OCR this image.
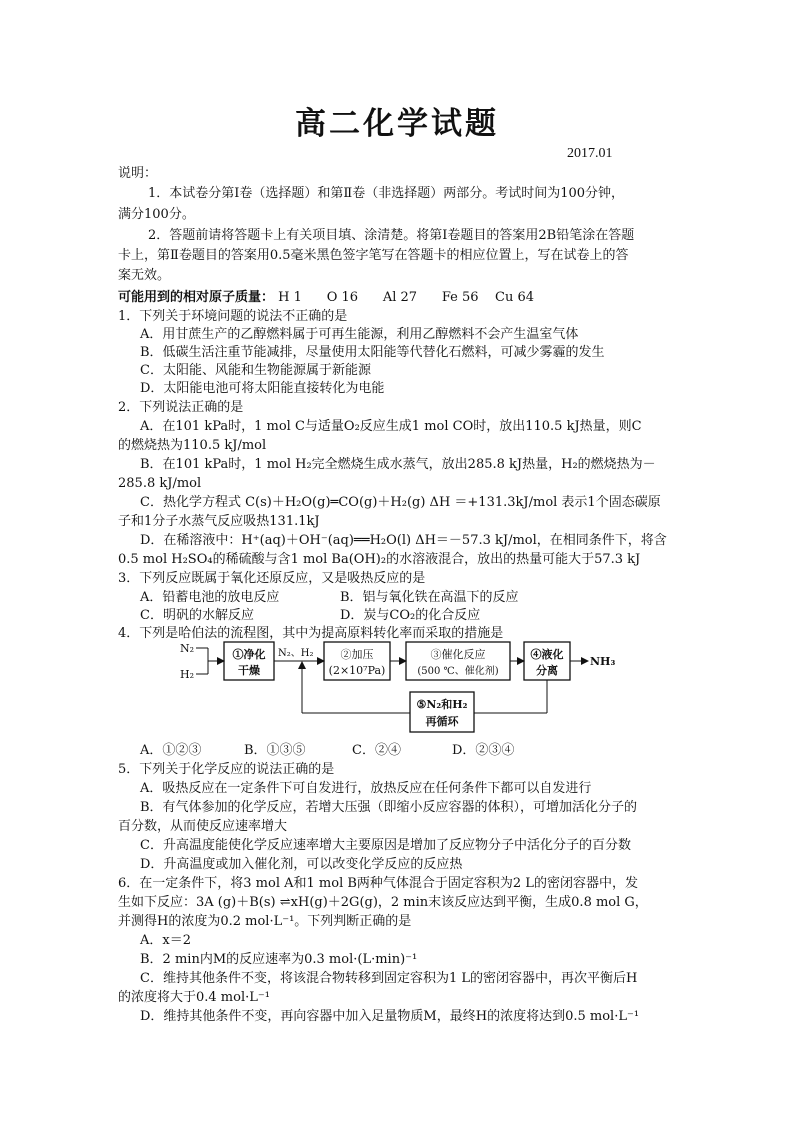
高二化学试题
2017.01
说明：
1．本试卷分第Ⅰ卷（选择题）和第Ⅱ卷（非选择题）两部分。考试时间为100分钟，
满分100分。
2．答题前请将答题卡上有关项目填、涂清楚。将第Ⅰ卷题目的答案用2B铅笔涂在答题
卡上，第Ⅱ卷题目的答案用0.5毫米黑色签字笔写在答题卡的相应位置上，写在试卷上的答
案无效。
可能用到的相对原子质量： H 1      O 16      Al 27      Fe 56    Cu 64
1．下列关于环境问题的说法不正确的是
A．用甘蔗生产的乙醇燃料属于可再生能源，利用乙醇燃料不会产生温室气体
B．低碳生活注重节能减排，尽量使用太阳能等代替化石燃料，可减少雾霾的发生
C．太阳能、风能和生物能源属于新能源
D．太阳能电池可将太阳能直接转化为电能
2．下列说法正确的是
A．在101 kPa时，1 mol C与适量O₂反应生成1 mol CO时，放出110.5 kJ热量，则C
的燃烧热为110.5 kJ/mol
B．在101 kPa时，1 mol H₂完全燃烧生成水蒸气，放出285.8 kJ热量，H₂的燃烧热为－
285.8 kJ/mol
C．热化学方程式 C(s)＋H₂O(g)═CO(g)＋H₂(g) ΔH ＝+131.3kJ/mol 表示1个固态碳原
子和1分子水蒸气反应吸热131.1kJ
D．在稀溶液中：H⁺(aq)＋OH⁻(aq)══H₂O(l) ΔH＝－57.3 kJ/mol，在相同条件下，将含
0.5 mol H₂SO₄的稀硫酸与含1 mol Ba(OH)₂的水溶液混合，放出的热量可能大于57.3 kJ
3．下列反应既属于氧化还原反应，又是吸热反应的是
A．铅蓄电池的放电反应	B．铝与氧化铁在高温下的反应
C．明矾的水解反应	D．炭与CO₂的化合反应
4．下列是哈伯法的流程图，其中为提高原料转化率而采取的措施是
N₂
H₂
①净化
干燥
N₂、H₂ ②加压
(2×10⁷Pa)
③催化反应
(500 ℃、催化剂)
④液化
分离
NH₃
⑤N₂和H₂
再循环
A．①②③	B．①③⑤	C．②④	D．②③④
5．下列关于化学反应的说法正确的是
A．吸热反应在一定条件下可自发进行，放热反应在任何条件下都可以自发进行
B．有气体参加的化学反应，若增大压强（即缩小反应容器的体积），可增加活化分子的
百分数，从而使反应速率增大
C．升高温度能使化学反应速率增大主要原因是增加了反应物分子中活化分子的百分数
D．升高温度或加入催化剂，可以改变化学反应的反应热
6．在一定条件下，将3 mol A和1 mol B两种气体混合于固定容积为2 L的密闭容器中，发
生如下反应：3A (g)＋B(s) ⇌xH(g)＋2G(g)，2 min末该反应达到平衡，生成0.8 mol G，
并测得H的浓度为0.2 mol·L⁻¹。下列判断正确的是
A．x＝2
B．2 min内M的反应速率为0.3 mol·(L·min)⁻¹
C．维持其他条件不变，将该混合物转移到固定容积为1 L的密闭容器中，再次平衡后H
的浓度将大于0.4 mol·L⁻¹
D．维持其他条件不变，再向容器中加入足量物质M，最终H的浓度将达到0.5 mol·L⁻¹
